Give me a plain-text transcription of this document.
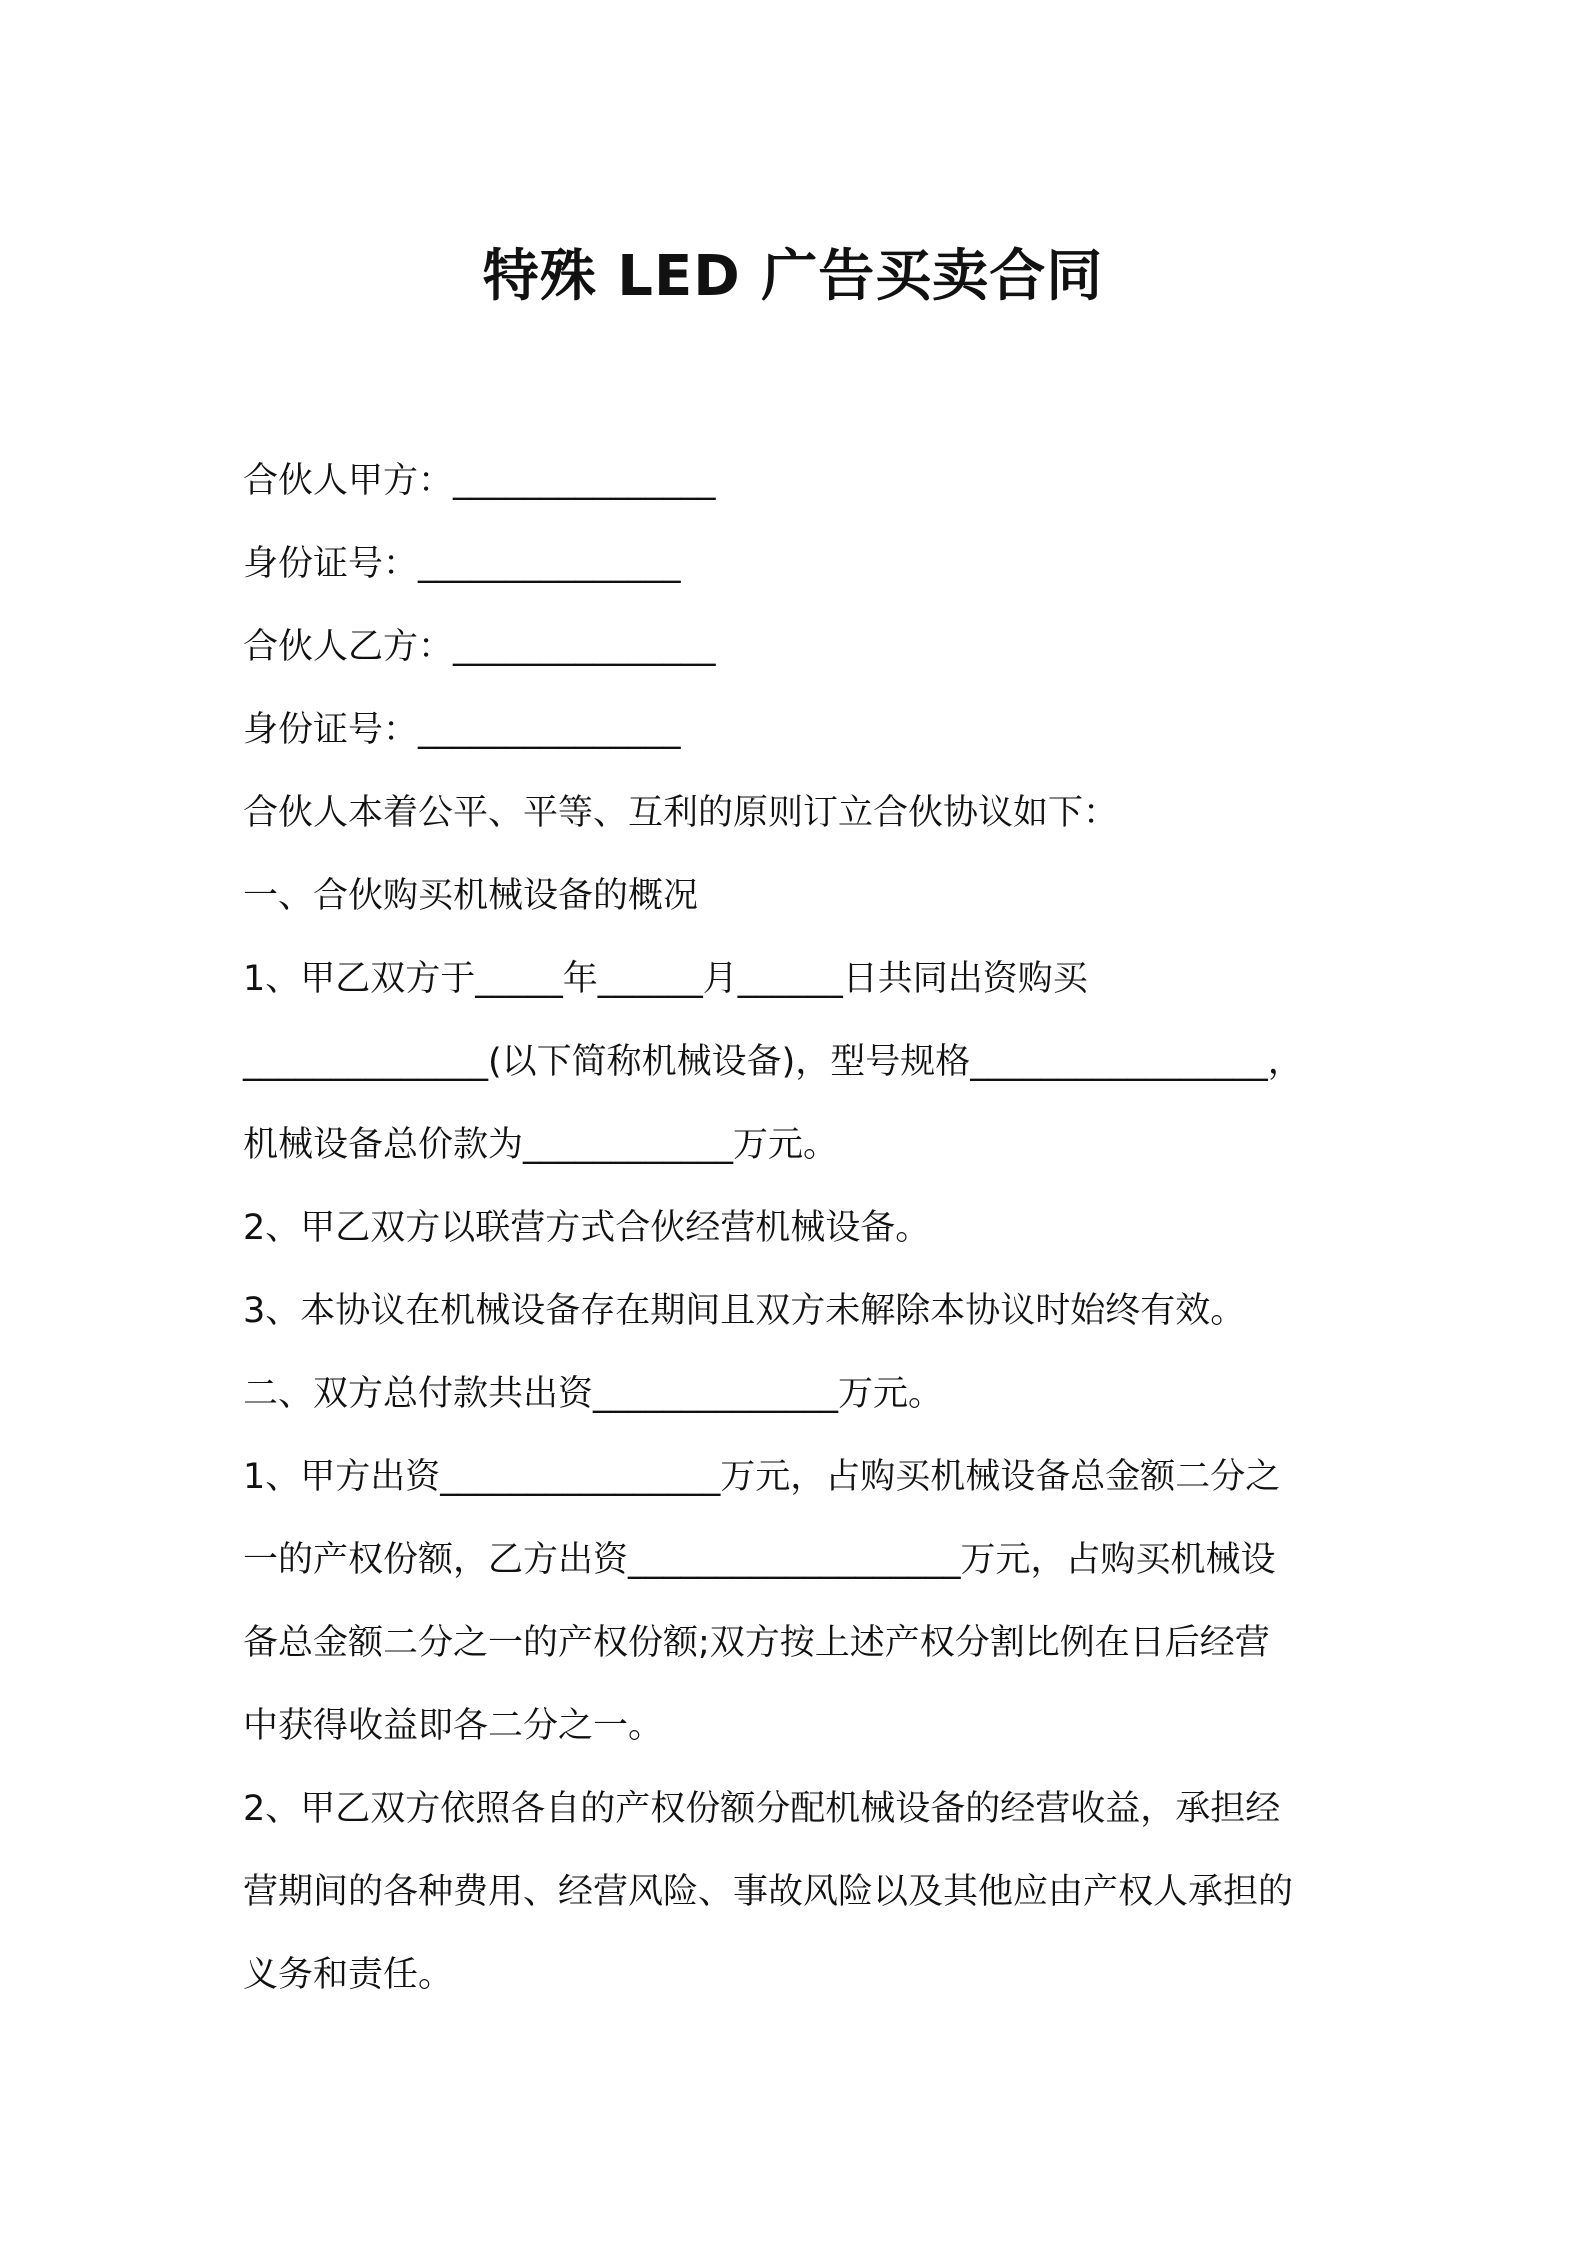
特殊 LED 广告买卖合同
合伙人甲方：_______________
身份证号：_______________
合伙人乙方：_______________
身份证号：_______________
合伙人本着公平、平等、互利的原则订立合伙协议如下：
一、合伙购买机械设备的概况
1、甲乙双方于_____年______月______日共同出资购买
______________(以下简称机械设备)，型号规格_________________，
机械设备总价款为____________万元。
2、甲乙双方以联营方式合伙经营机械设备。
3、本协议在机械设备存在期间且双方未解除本协议时始终有效。
二、双方总付款共出资______________万元。
1、甲方出资________________万元，占购买机械设备总金额二分之
一的产权份额，乙方出资___________________万元，占购买机械设
备总金额二分之一的产权份额;双方按上述产权分割比例在日后经营
中获得收益即各二分之一。
2、甲乙双方依照各自的产权份额分配机械设备的经营收益，承担经
营期间的各种费用、经营风险、事故风险以及其他应由产权人承担的
义务和责任。
